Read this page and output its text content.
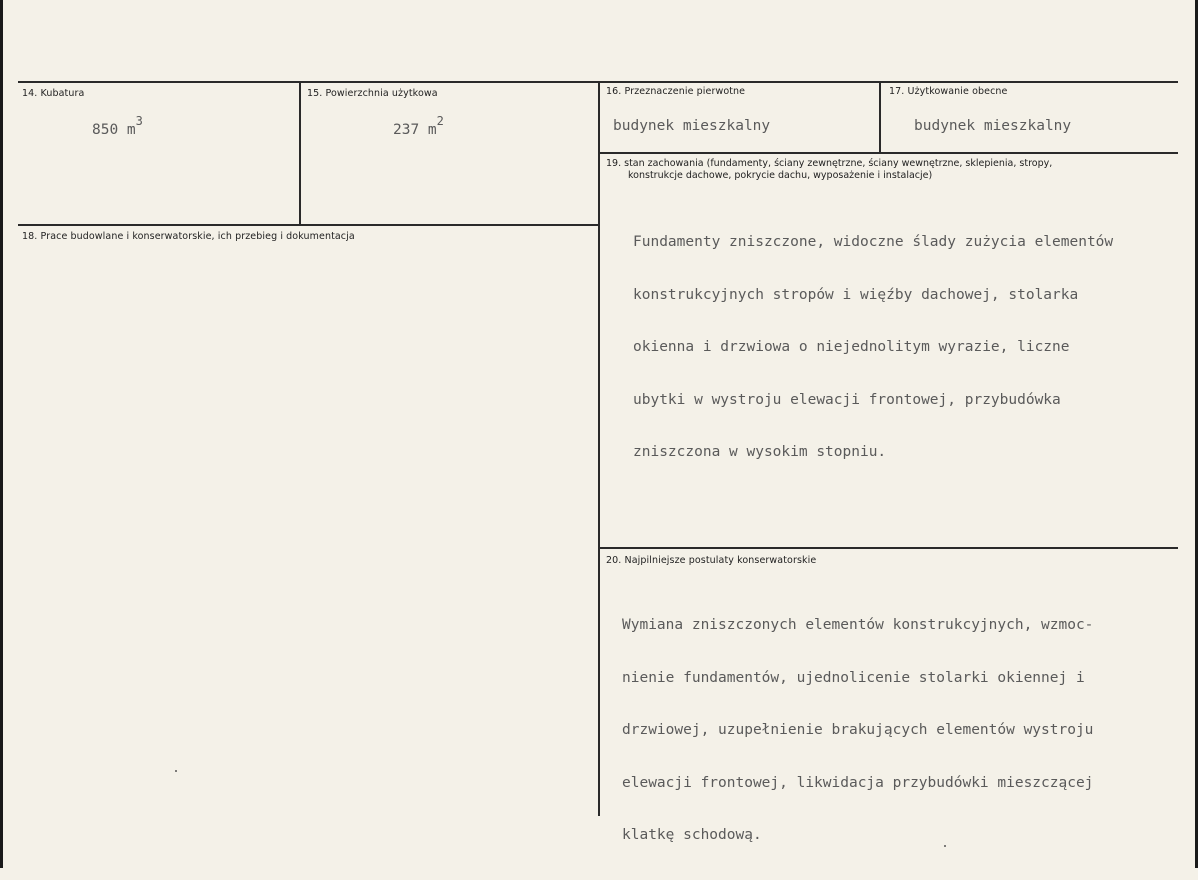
14. Kubatura
850 $m^3$
15. Powierzchnia użytkowa
237 $m^2$
16. Przeznaczenie pierwotne
budynek mieszkalny
17. Użytkowanie obecne
budynek mieszkalny
18. Prace budowlane i konserwatorskie, ich przebieg i dokumentacja
19. stan zachowania (fundamenty, ściany zewnętrzne, ściany wewnętrzne, sklepienia, stropy,
konstrukcje dachowe, pokrycie dachu, wyposażenie i instalacje)

Fundamenty zniszczone, widoczne ślady zużycia elementów

konstrukcyjnych stropów i więźby dachowej, stolarka

okienna i drzwiowa o niejednolitym wyrazie, liczne

ubytki w wystroju elewacji frontowej, przybudówka

zniszczona w wysokim stopniu.

20. Najpilniejsze postulaty konserwatorskie

Wymiana zniszczonych elementów konstrukcyjnych, wzmoc-

nienie fundamentów, ujednolicenie stolarki okiennej i

drzwiowej, uzupełnienie brakujących elementów wystroju

elewacji frontowej, likwidacja przybudówki mieszczącej

klatkę schodową.
